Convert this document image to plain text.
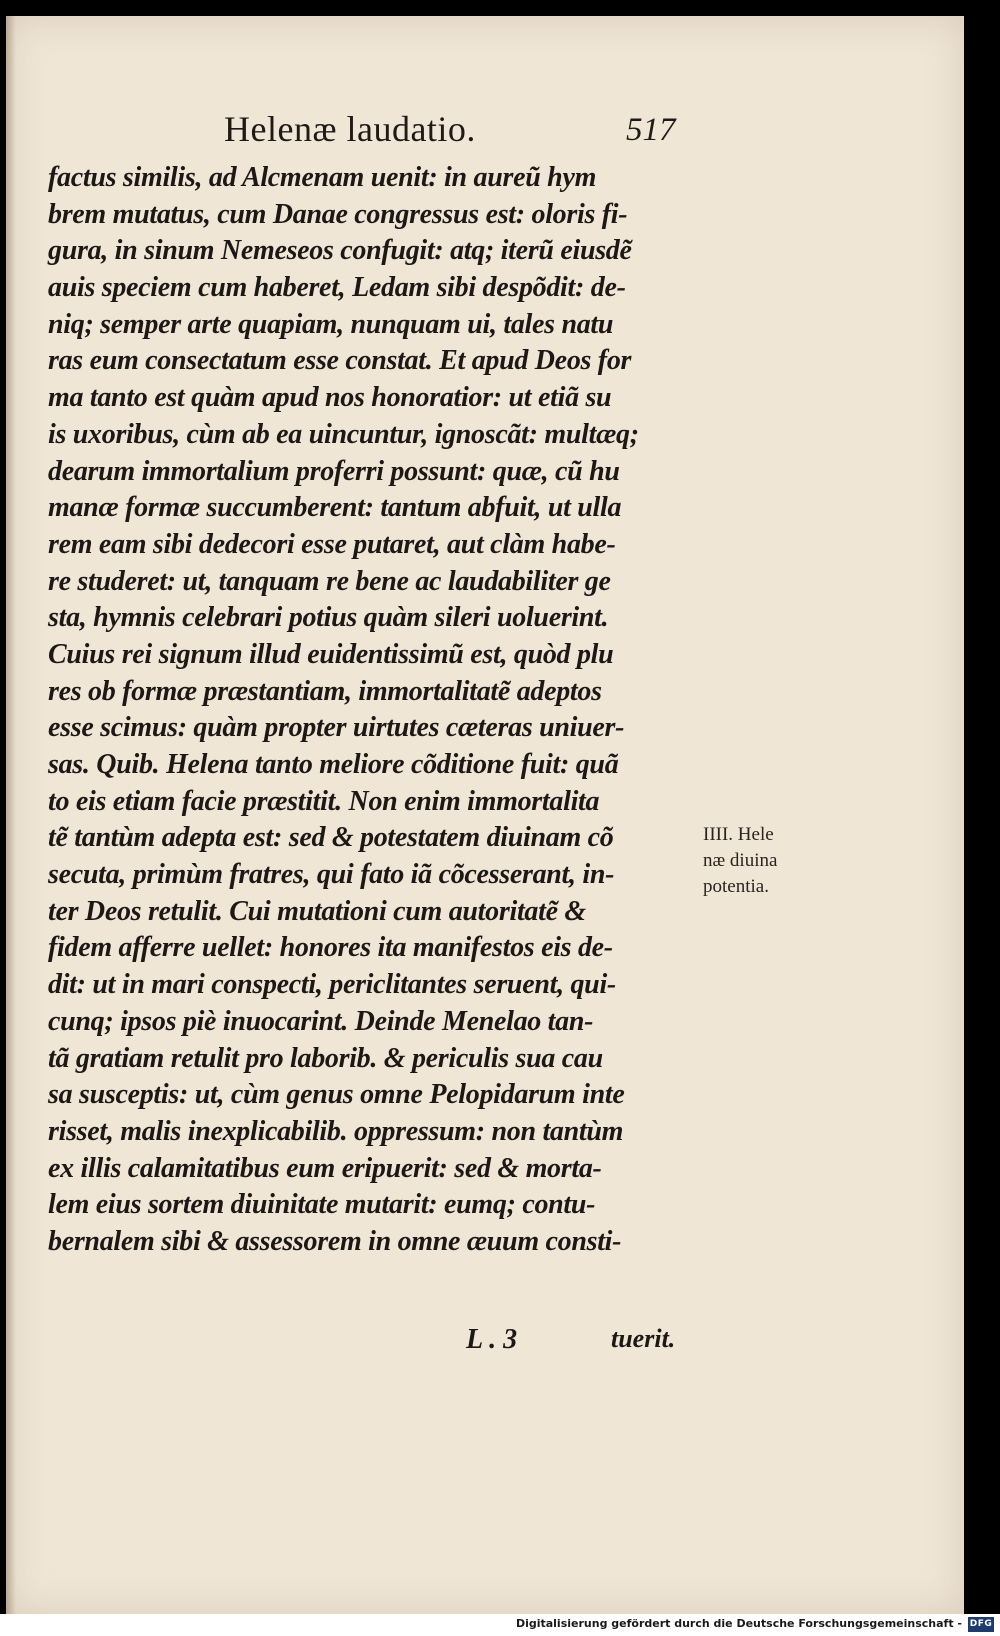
Helenæ laudatio.	517
factus similis, ad Alcmenam uenit: in aureũ hym
brem mutatus, cum Danae congressus est: oloris fi-
gura, in sinum Nemeseos confugit: atq; iterũ eiusdẽ
auis speciem cum haberet, Ledam sibi despõdit: de-
niq; semper arte quapiam, nunquam ui, tales natu
ras eum consectatum esse constat. Et apud Deos for
ma tanto est quàm apud nos honoratior: ut etiã su
is uxoribus, cùm ab ea uincuntur, ignoscãt: multæq;
dearum immortalium proferri possunt: quæ, cũ hu
manæ formæ succumberent: tantum abfuit, ut ulla
rem eam sibi dedecori esse putaret, aut clàm habe-
re studeret: ut, tanquam re bene ac laudabiliter ge
sta, hymnis celebrari potius quàm sileri uoluerint.
Cuius rei signum illud euidentissimũ est, quòd plu
res ob formæ præstantiam, immortalitatẽ adeptos
esse scimus: quàm propter uirtutes cæteras uniuer-
sas. Quib. Helena tanto meliore cõditione fuit: quã
to eis etiam facie præstitit. Non enim immortalita
tẽ tantùm adepta est: sed & potestatem diuinam cõ
secuta, primùm fratres, qui fato iã cõcesserant, in-
ter Deos retulit. Cui mutationi cum autoritatẽ &
fidem afferre uellet: honores ita manifestos eis de-
dit: ut in mari conspecti, periclitantes seruent, qui-
cunq; ipsos piè inuocarint. Deinde Menelao tan-
tã gratiam retulit pro laborib. & periculis sua cau
sa susceptis: ut, cùm genus omne Pelopidarum inte
risset, malis inexplicabilib. oppressum: non tantùm
ex illis calamitatibus eum eripuerit: sed & morta-
lem eius sortem diuinitate mutarit: eumq; contu-
bernalem sibi & assessorem in omne æuum consti-
IIII. Hele
næ diuina
potentia.
L . 3	tuerit.
Digitalisierung gefördert durch die Deutsche Forschungsgemeinschaft - DFG
